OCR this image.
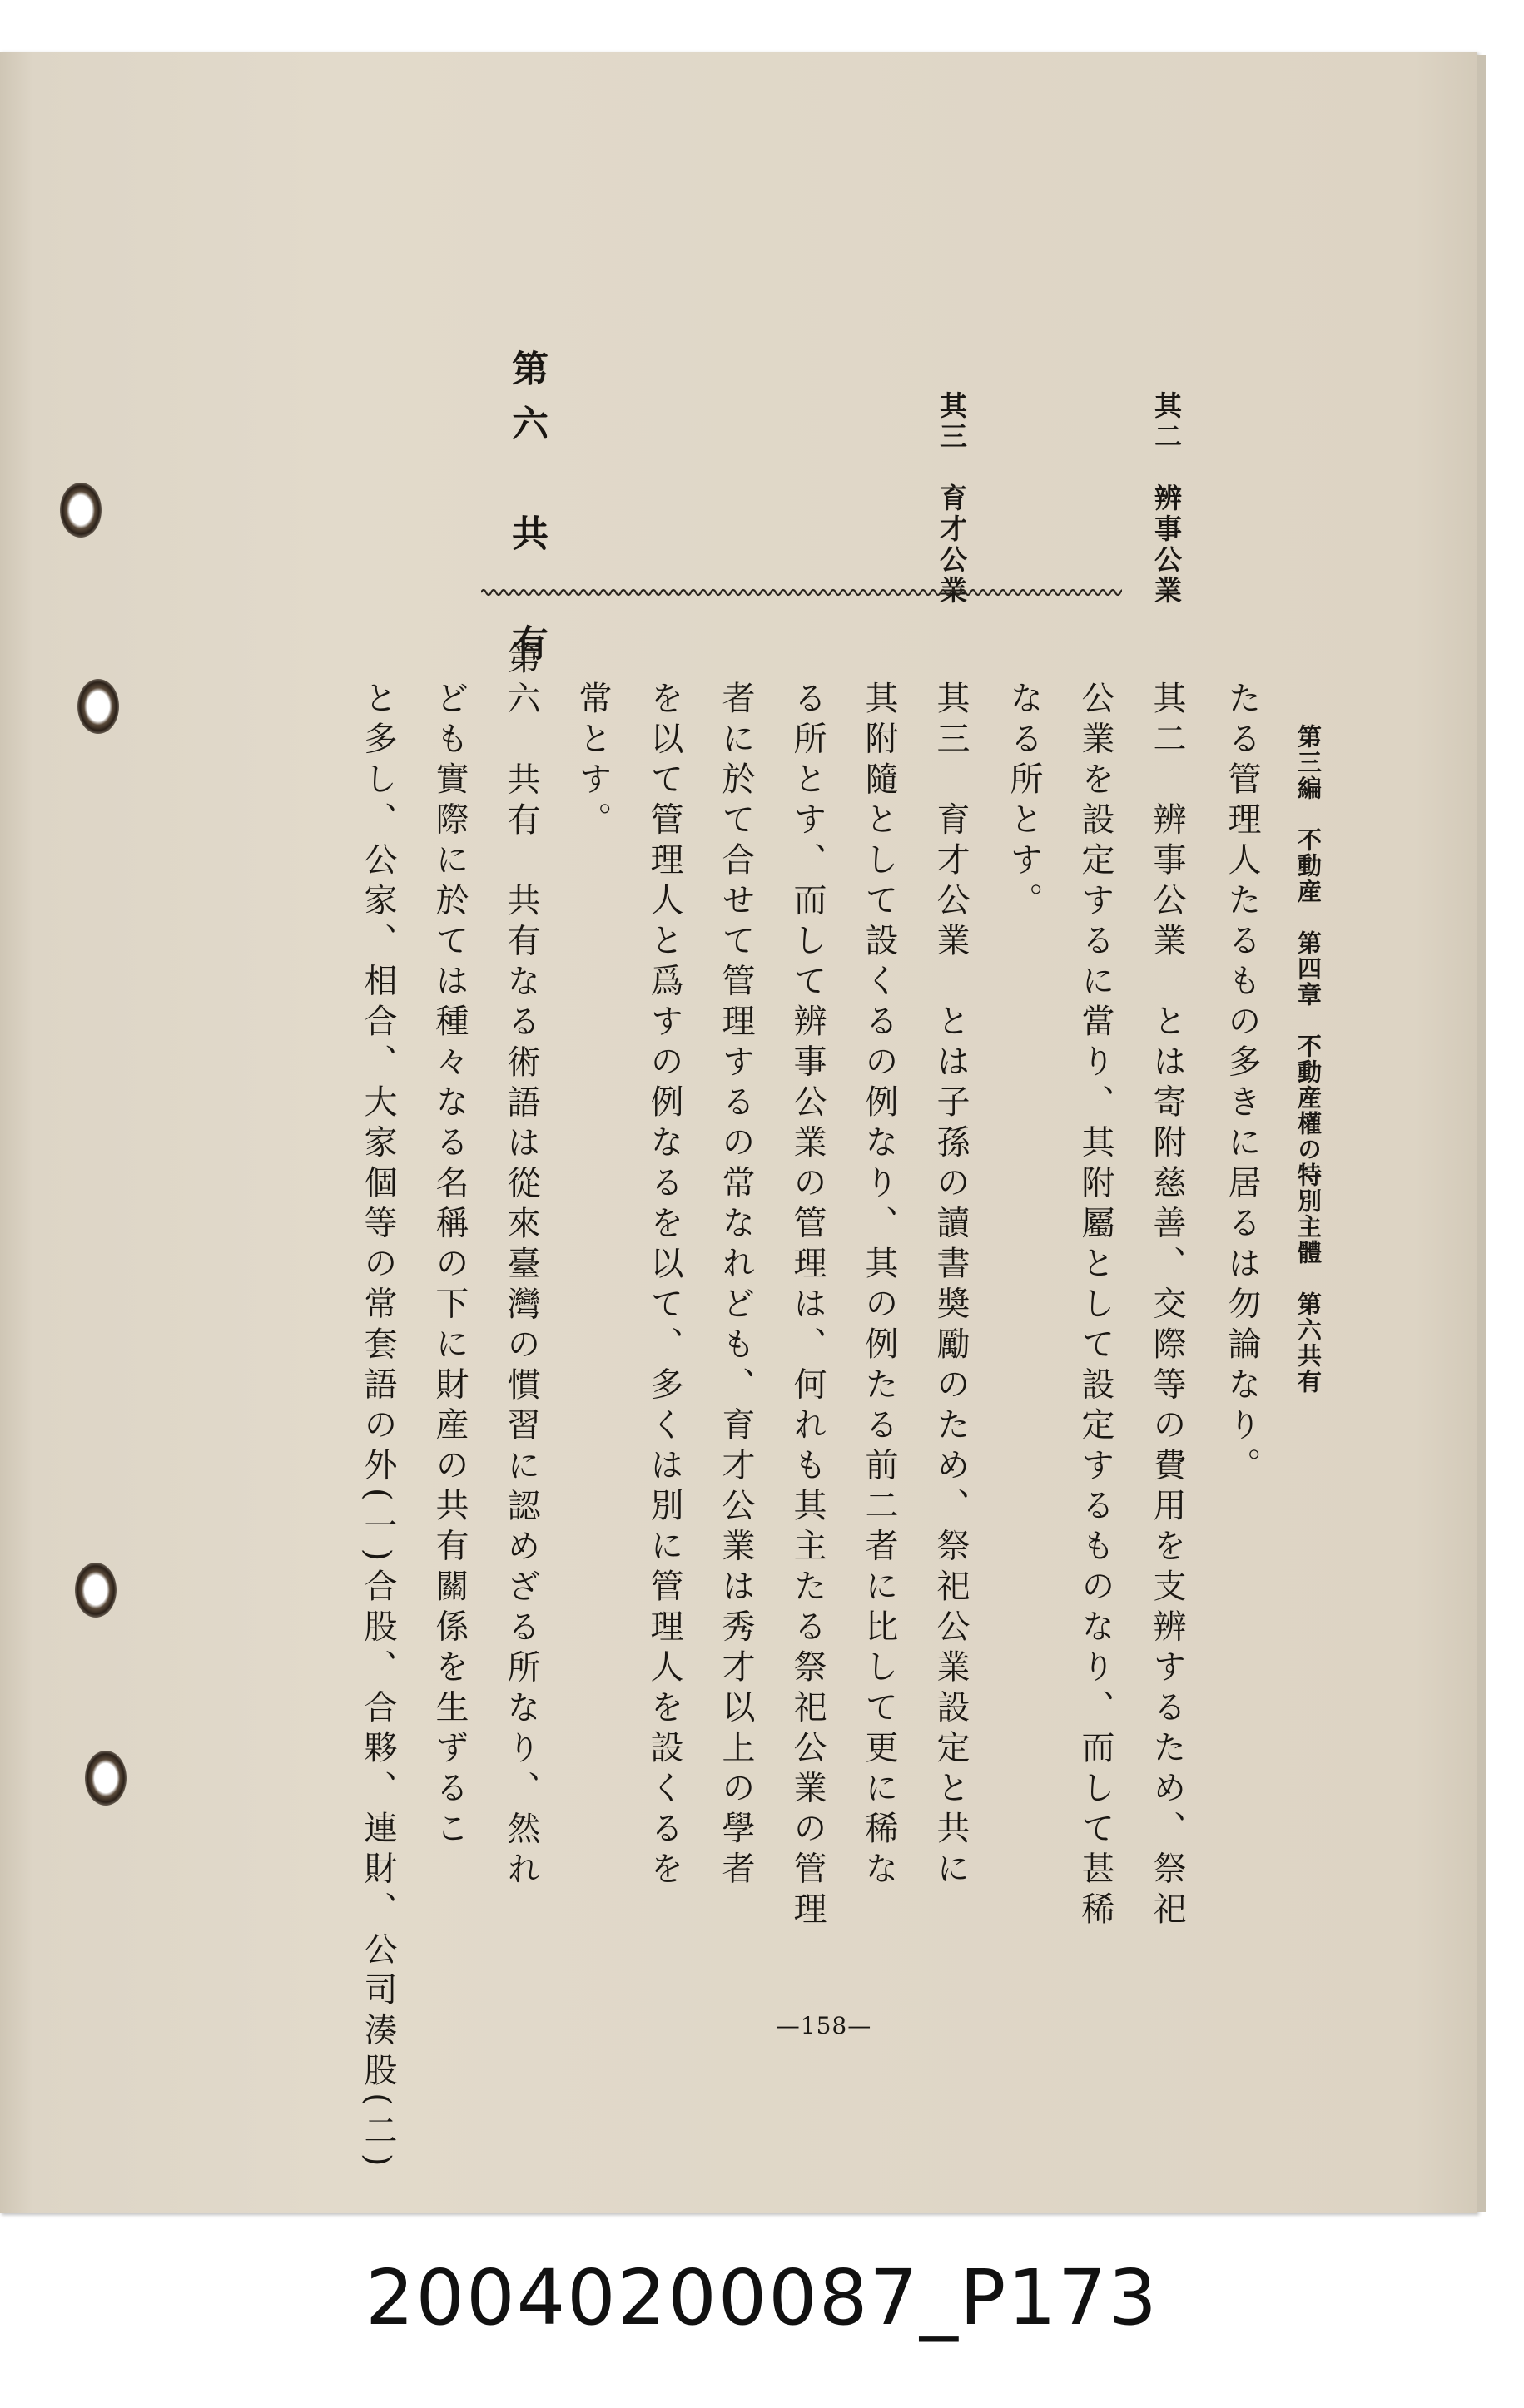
第三編　不動産　第四章　不動産權の特別主體　第六共有
其二　辨事公業
其三　育才公業
第六　共　有
たる管理人たるもの多きに居るは勿論なり。
其二　辨事公業　とは寄附慈善、交際等の費用を支辨するため、祭祀
公業を設定するに當り、其附屬として設定するものなり、而して甚稀
なる所とす。
其三　育才公業　とは子孫の讀書奬勵のため、祭祀公業設定と共に
其附隨として設くるの例なり、其の例たる前二者に比して更に稀な
る所とす、而して辨事公業の管理は、何れも其主たる祭祀公業の管理
者に於て合せて管理するの常なれども、育才公業は秀才以上の學者
を以て管理人と爲すの例なるを以て、多くは別に管理人を設くるを
常とす。
第六　共有　共有なる術語は從來臺灣の慣習に認めざる所なり、然れ
ども實際に於ては種々なる名稱の下に財産の共有關係を生ずるこ
と多し、公家、相合、大家個等の常套語の外(一)合股、合夥、連財、公司湊股(二)	—158—
20040200087_P173
